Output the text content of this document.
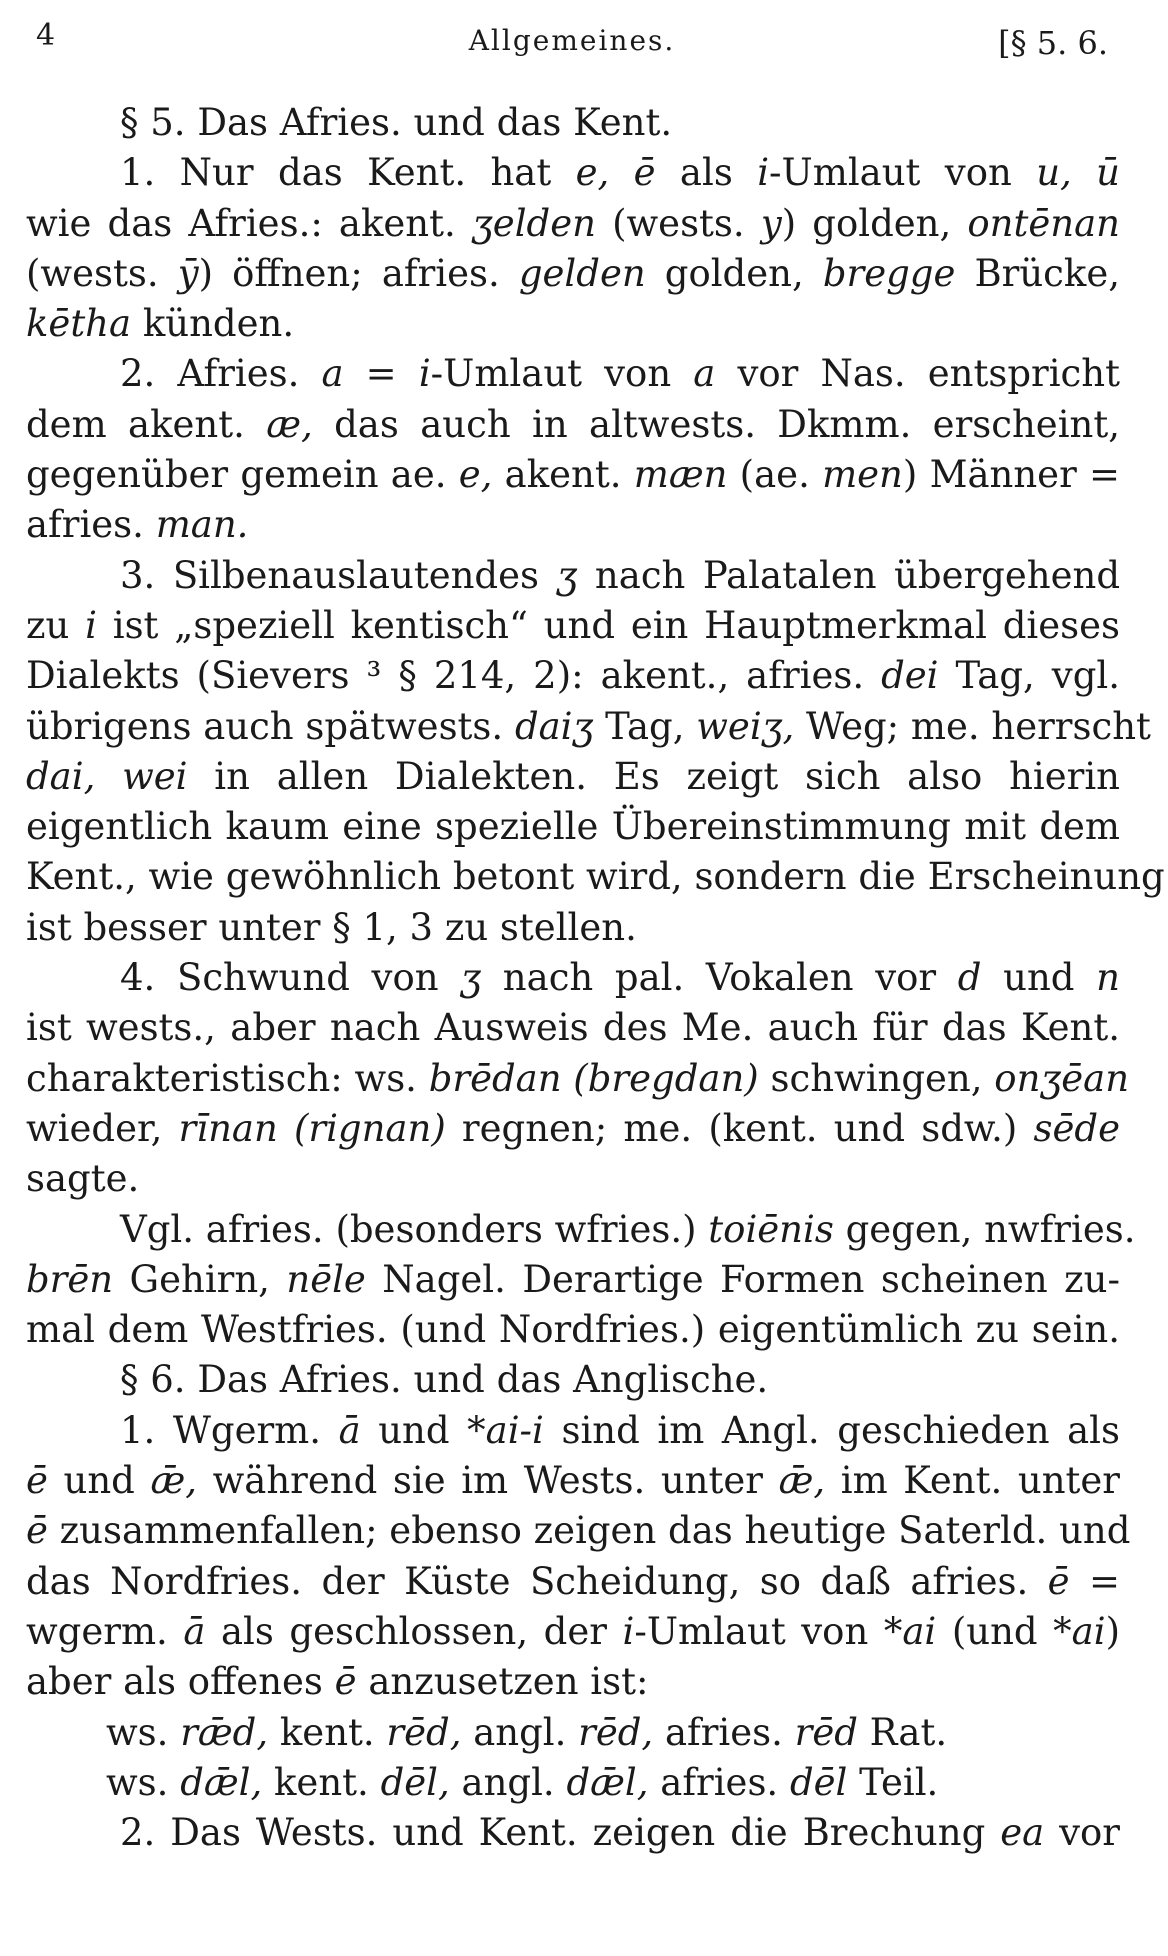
4	Allgemeines.	[§ 5. 6.
§ 5. Das Afries. und das Kent.
1. Nur das Kent. hat e, ē als i-Umlaut von u, ū
wie das Afries.: akent. ʒelden (wests. y) golden, ontēnan
(wests. ȳ) öffnen; afries. gelden golden, bregge Brücke,
kētha künden.
2. Afries. a = i-Umlaut von a vor Nas. entspricht
dem akent. æ, das auch in altwests. Dkmm. erscheint,
gegenüber gemein ae. e, akent. mæn (ae. men) Männer =
afries. man.
3. Silbenauslautendes ʒ nach Palatalen übergehend
zu i ist „speziell kentisch“ und ein Hauptmerkmal dieses
Dialekts (Sievers ³ § 214, 2): akent., afries. dei Tag, vgl.
übrigens auch spätwests. daiʒ Tag, weiʒ, Weg; me. herrscht
dai, wei in allen Dialekten. Es zeigt sich also hierin
eigentlich kaum eine spezielle Übereinstimmung mit dem
Kent., wie gewöhnlich betont wird, sondern die Erscheinung
ist besser unter § 1, 3 zu stellen.
4. Schwund von ʒ nach pal. Vokalen vor d und n
ist wests., aber nach Ausweis des Me. auch für das Kent.
charakteristisch: ws. brēdan (bregdan) schwingen, onʒēan
wieder, rīnan (rignan) regnen; me. (kent. und sdw.) sēde
sagte.
Vgl. afries. (besonders wfries.) toiēnis gegen, nwfries.
brēn Gehirn, nēle Nagel. Derartige Formen scheinen zu-
mal dem Westfries. (und Nordfries.) eigentümlich zu sein.
§ 6. Das Afries. und das Anglische.
1. Wgerm. ā und *ai-i sind im Angl. geschieden als
ē und ǣ, während sie im Wests. unter ǣ, im Kent. unter
ē zusammenfallen; ebenso zeigen das heutige Saterld. und
das Nordfries. der Küste Scheidung, so daß afries. ē =
wgerm. ā als geschlossen, der i-Umlaut von *ai (und *ai)
aber als offenes ē anzusetzen ist:
ws. rǣd, kent. rēd, angl. rēd, afries. rēd Rat.
ws. dǣl, kent. dēl, angl. dǣl, afries. dēl Teil.
2. Das Wests. und Kent. zeigen die Brechung ea vor
